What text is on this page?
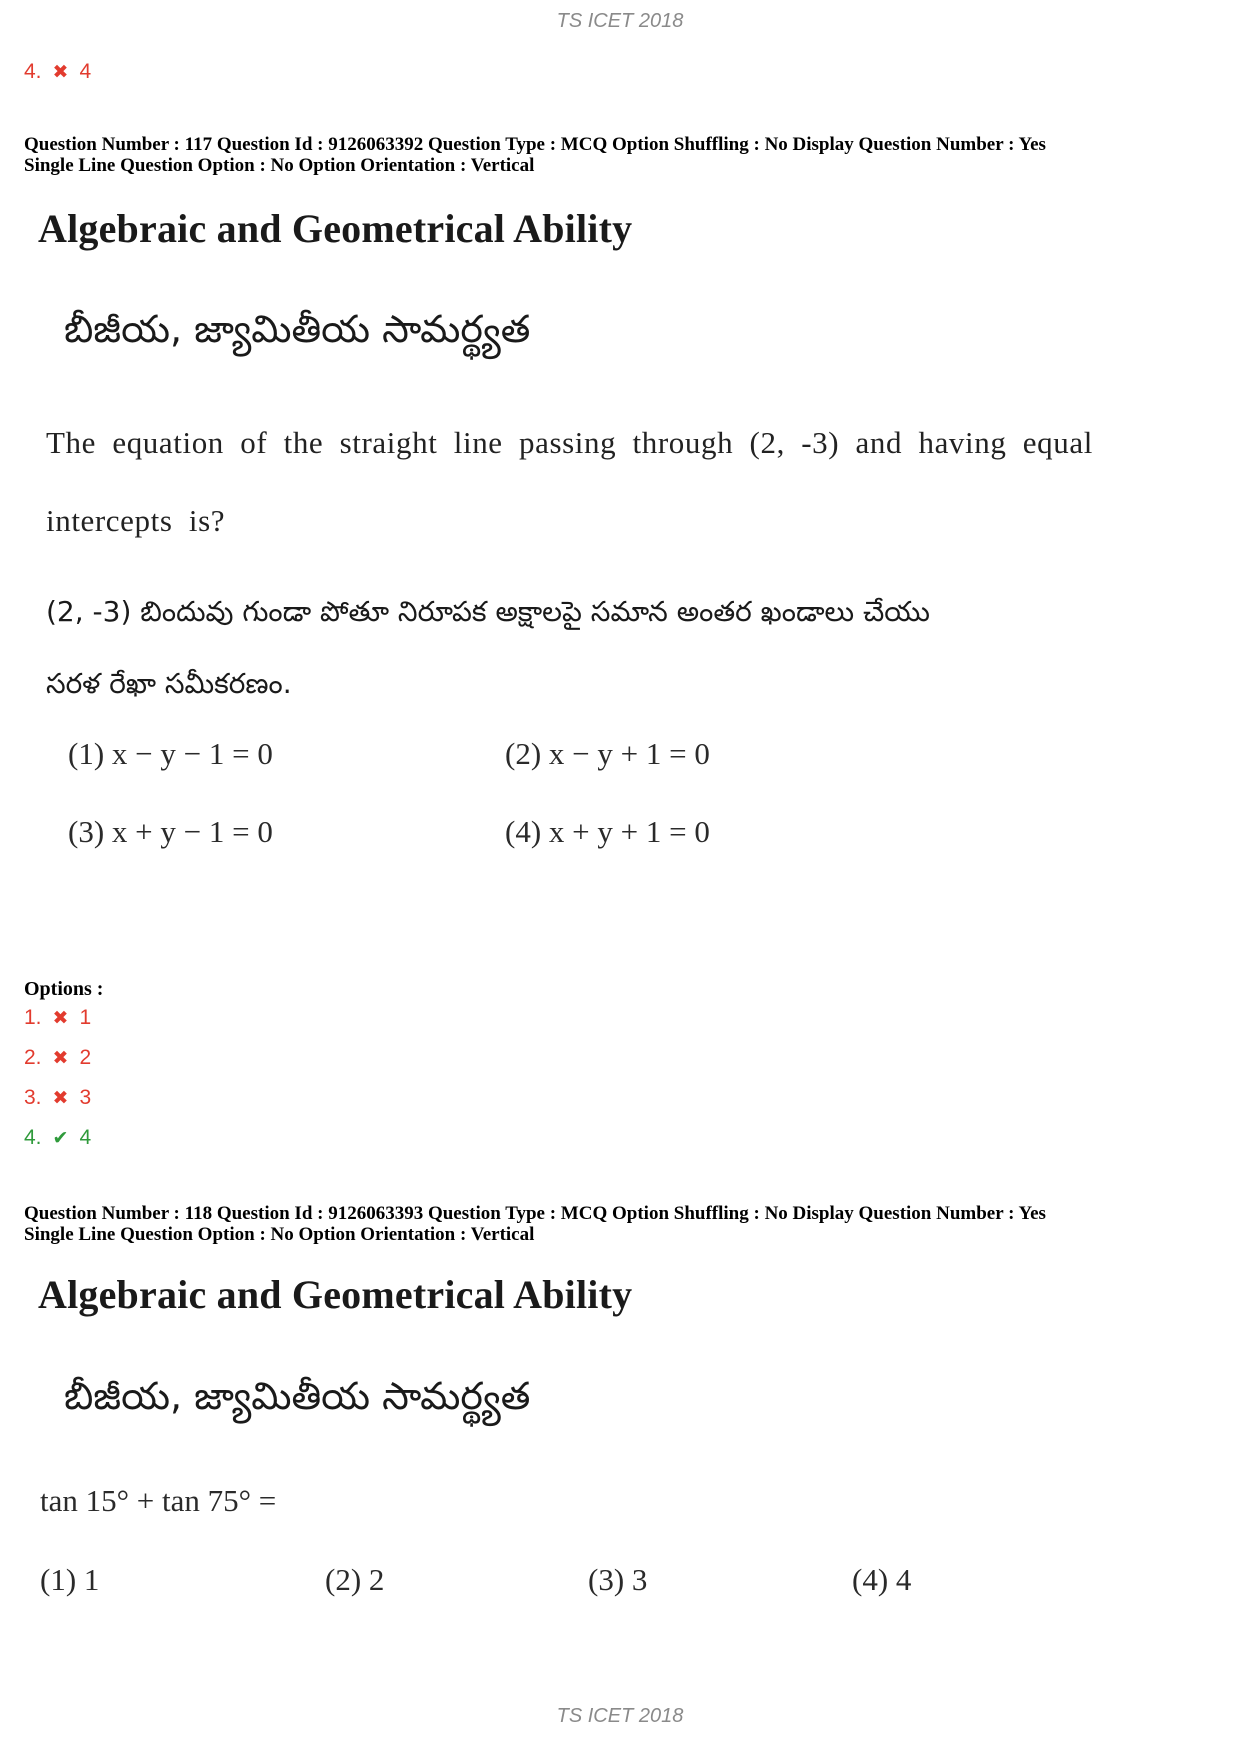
TS ICET 2018
4. ✖ 4
Question Number : 117 Question Id : 9126063392 Question Type : MCQ Option Shuffling : No Display Question Number : Yes
Single Line Question Option : No Option Orientation : Vertical
Algebraic and Geometrical Ability
బీజీయ, జ్యామితీయ సామర్థ్యత
The equation of the straight line passing through (2, -3) and having equal
intercepts is?
(2, -3) బిందువు గుండా పోతూ నిరూపక అక్షాలపై సమాన అంతర ఖండాలు చేయు
సరళ రేఖా సమీకరణం.
(1) x − y − 1 = 0	(2) x − y + 1 = 0
(3) x + y − 1 = 0	(4) x + y + 1 = 0
Options :
1. ✖ 1
2. ✖ 2
3. ✖ 3
4. ✔ 4
Question Number : 118 Question Id : 9126063393 Question Type : MCQ Option Shuffling : No Display Question Number : Yes
Single Line Question Option : No Option Orientation : Vertical
Algebraic and Geometrical Ability
బీజీయ, జ్యామితీయ సామర్థ్యత
tan 15° + tan 75° =
(1) 1	(2) 2	(3) 3	(4) 4
TS ICET 2018
